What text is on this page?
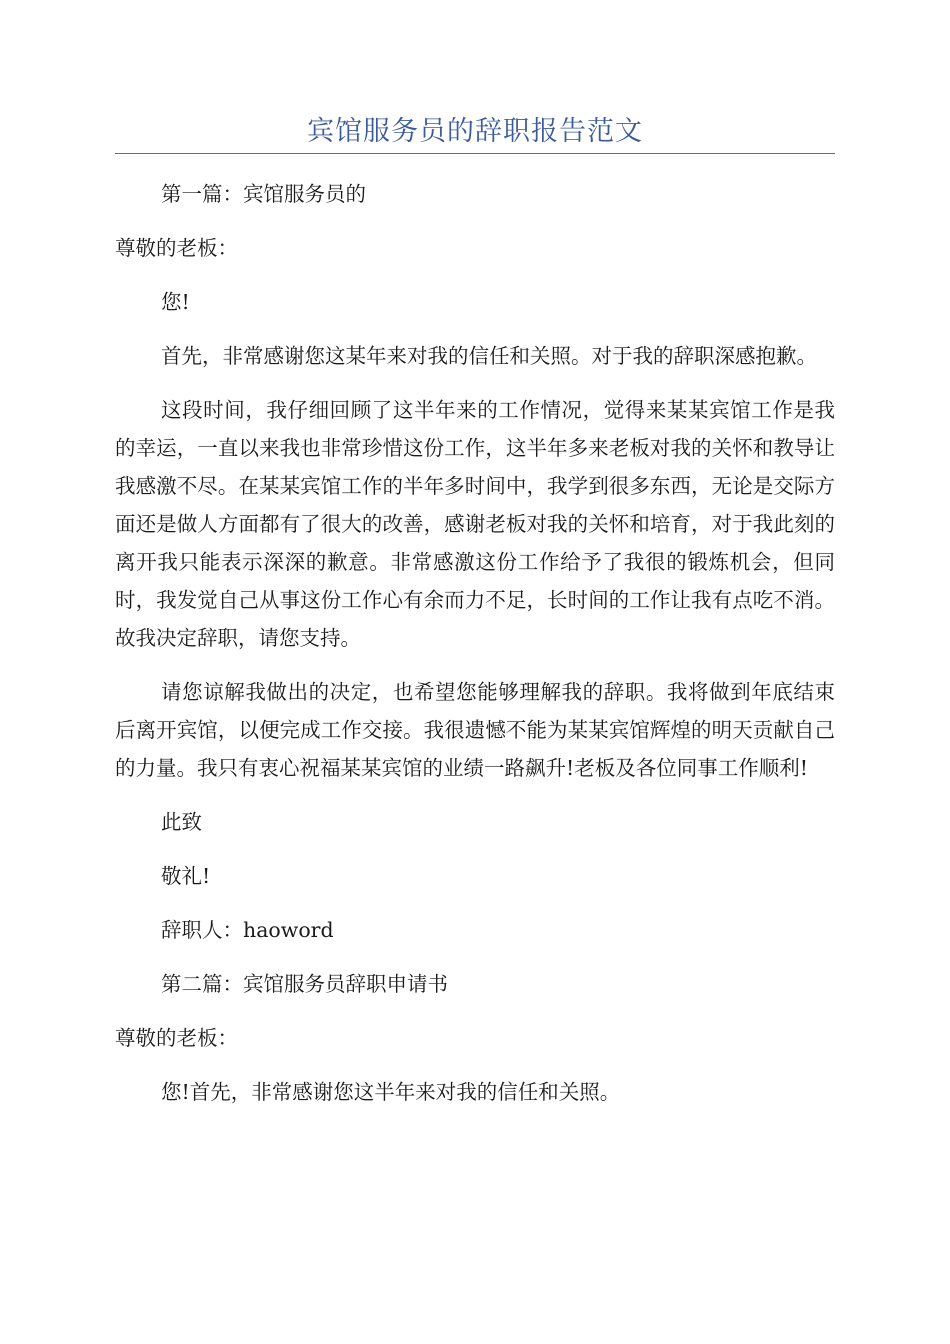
宾馆服务员的辞职报告范文

第一篇：宾馆服务员的

尊敬的老板：

您!

首先，非常感谢您这某年来对我的信任和关照。对于我的辞职深感抱歉。

这段时间，我仔细回顾了这半年来的工作情况，觉得来某某宾馆工作是我的幸运，一直以来我也非常珍惜这份工作，这半年多来老板对我的关怀和教导让我感激不尽。在某某宾馆工作的半年多时间中，我学到很多东西，无论是交际方面还是做人方面都有了很大的改善，感谢老板对我的关怀和培育，对于我此刻的离开我只能表示深深的歉意。非常感激这份工作给予了我很的锻炼机会，但同时，我发觉自己从事这份工作心有余而力不足，长时间的工作让我有点吃不消。故我决定辞职，请您支持。

请您谅解我做出的决定，也希望您能够理解我的辞职。我将做到年底结束后离开宾馆，以便完成工作交接。我很遗憾不能为某某宾馆辉煌的明天贡献自己的力量。我只有衷心祝福某某宾馆的业绩一路飙升!老板及各位同事工作顺利!

此致

敬礼!

辞职人：haoword

第二篇：宾馆服务员辞职申请书

尊敬的老板：

您!首先，非常感谢您这半年来对我的信任和关照。
